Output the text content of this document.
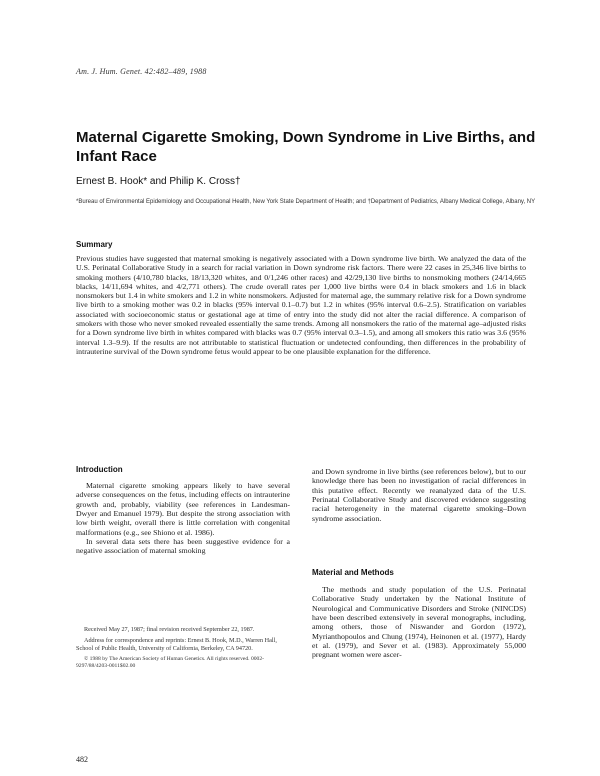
Am. J. Hum. Genet. 42:482–489, 1988
Maternal Cigarette Smoking, Down Syndrome in Live Births, and Infant Race
Ernest B. Hook* and Philip K. Cross†
*Bureau of Environmental Epidemiology and Occupational Health, New York State Department of Health; and †Department of Pediatrics, Albany Medical College, Albany, NY
Summary

Previous studies have suggested that maternal smoking is negatively associated with a Down syndrome live birth. We analyzed the data of the U.S. Perinatal Collaborative Study in a search for racial variation in Down syndrome risk factors. There were 22 cases in 25,346 live births to smoking mothers (4/10,780 blacks, 18/13,320 whites, and 0/1,246 other races) and 42/29,130 live births to nonsmoking mothers (24/14,665 blacks, 14/11,694 whites, and 4/2,771 others). The crude overall rates per 1,000 live births were 0.4 in black smokers and 1.6 in black nonsmokers but 1.4 in white smokers and 1.2 in white nonsmokers. Adjusted for maternal age, the summary relative risk for a Down syndrome live birth to a smoking mother was 0.2 in blacks (95% interval 0.1–0.7) but 1.2 in whites (95% interval 0.6–2.5). Stratification on variables associated with socioeconomic status or gestational age at time of entry into the study did not alter the racial difference. A comparison of smokers with those who never smoked revealed essentially the same trends. Among all nonsmokers the ratio of the maternal age–adjusted risks for a Down syndrome live birth in whites compared with blacks was 0.7 (95% interval 0.3–1.5), and among all smokers this ratio was 3.6 (95% interval 1.3–9.9). If the results are not attributable to statistical fluctuation or undetected confounding, then differences in the probability of intrauterine survival of the Down syndrome fetus would appear to be one plausible explanation for the difference.

Introduction

Maternal cigarette smoking appears likely to have several adverse consequences on the fetus, including effects on intrauterine growth and, probably, viability (see references in Landesman-Dwyer and Emanuel 1979). But despite the strong association with low birth weight, overall there is little correlation with congenital malformations (e.g., see Shiono et al. 1986).

In several data sets there has been suggestive evidence for a negative association of maternal smoking

and Down syndrome in live births (see references below), but to our knowledge there has been no investigation of racial differences in this putative effect. Recently we reanalyzed data of the U.S. Perinatal Collaborative Study and discovered evidence suggesting racial heterogeneity in the maternal cigarette smoking–Down syndrome association.

Material and Methods

The methods and study population of the U.S. Perinatal Collaborative Study undertaken by the National Institute of Neurological and Communicative Disorders and Stroke (NINCDS) have been described extensively in several monographs, including, among others, those of Niswander and Gordon (1972), Myrianthopoulos and Chung (1974), Heinonen et al. (1977), Hardy et al. (1979), and Sever et al. (1983). Approximately 55,000 pregnant women were ascer-

Received May 27, 1987; final revision received September 22, 1987.

Address for correspondence and reprints: Ernest B. Hook, M.D., Warren Hall, School of Public Health, University of California, Berkeley, CA 94720.

© 1988 by The American Society of Human Genetics. All rights reserved. 0002-9297/88/4203-0011$02.00

482
